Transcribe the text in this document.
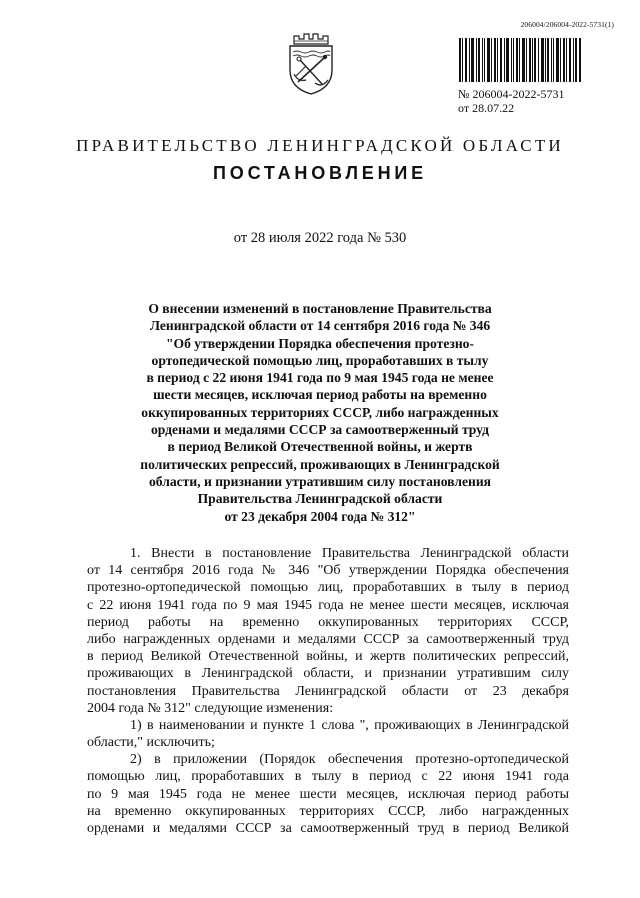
206004/206004-2022-5731(1)
№ 206004-2022-5731
от 28.07.22
ПРАВИТЕЛЬСТВО ЛЕНИНГРАДСКОЙ ОБЛАСТИ
ПОСТАНОВЛЕНИЕ
от 28 июля 2022 года № 530
О внесении изменений в постановление Правительства
Ленинградской области от 14 сентября 2016 года № 346
"Об утверждении Порядка обеспечения протезно-
ортопедической помощью лиц, проработавших в тылу
в период с 22 июня 1941 года по 9 мая 1945 года не менее
шести месяцев, исключая период работы на временно
оккупированных территориях СССР, либо награжденных
орденами и медалями СССР за самоотверженный труд
в период Великой Отечественной войны, и жертв
политических репрессий, проживающих в Ленинградской
области, и признании утратившим силу постановления
Правительства Ленинградской области
от 23 декабря 2004 года № 312"
1. Внести в постановление Правительства Ленинградской области
от 14 сентября 2016 года № 346 "Об утверждении Порядка обеспечения
протезно-ортопедической помощью лиц, проработавших в тылу в период
с 22 июня 1941 года по 9 мая 1945 года не менее шести месяцев, исключая
период работы на временно оккупированных территориях СССР,
либо награжденных орденами и медалями СССР за самоотверженный труд
в период Великой Отечественной войны, и жертв политических репрессий,
проживающих в Ленинградской области, и признании утратившим силу
постановления Правительства Ленинградской области от 23 декабря
2004 года № 312" следующие изменения:
1) в наименовании и пункте 1 слова ", проживающих в Ленинградской
области," исключить;
2) в приложении (Порядок обеспечения протезно-ортопедической
помощью лиц, проработавших в тылу в период с 22 июня 1941 года
по 9 мая 1945 года не менее шести месяцев, исключая период работы
на временно оккупированных территориях СССР, либо награжденных
орденами и медалями СССР за самоотверженный труд в период Великой
